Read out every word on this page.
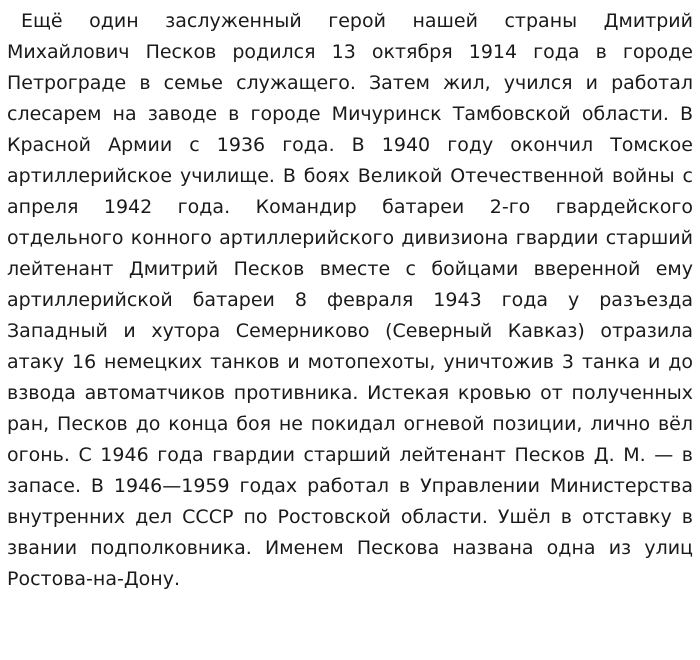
Ещё один заслуженный герой нашей страны Дмитрий Михайлович Песков родился 13 октября 1914 года в городе Петрограде в семье служащего. Затем жил, учился и работал слесарем на заводе в городе Мичуринск Тамбовской области. В Красной Армии с 1936 года. В 1940 году окончил Томское артиллерийское училище. В боях Великой Отечественной войны с апреля 1942 года. Командир батареи 2-го гвардейского отдельного конного артиллерийского дивизиона гвардии старший лейтенант Дмитрий Песков вместе с бойцами вверенной ему артиллерийской батареи 8 февраля 1943 года у разъезда Западный и хутора Семерниково (Северный Кавказ) отразила атаку 16 немецких танков и мотопехоты, уничтожив 3 танка и до взвода автоматчиков противника. Истекая кровью от полученных ран, Песков до конца боя не покидал огневой позиции, лично вёл огонь. С 1946 года гвардии старший лейтенант Песков Д. М. — в запасе. В 1946—1959 годах работал в Управлении Министерства внутренних дел СССР по Ростовской области. Ушёл в отставку в звании подполковника. Именем Пескова названа одна из улиц Ростова-на-Дону.
